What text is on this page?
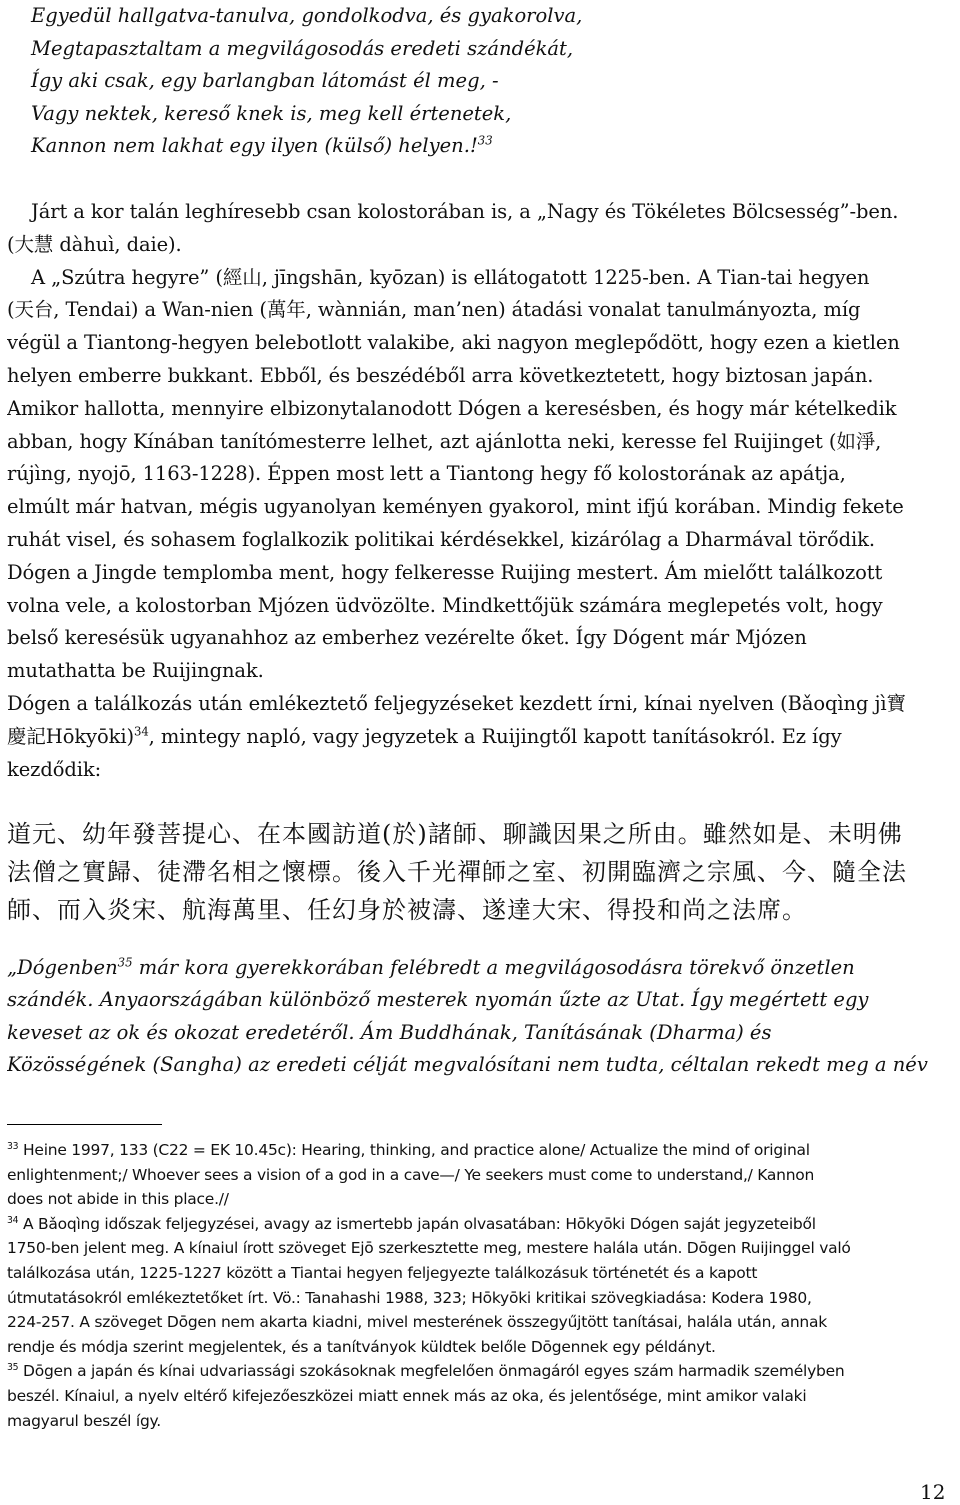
Egyedül hallgatva-tanulva, gondolkodva, és gyakorolva,
Megtapasztaltam a megvilágosodás eredeti szándékát,
Így aki csak, egy barlangban látomást él meg, -
Vagy nektek, kereső knek is, meg kell értenetek,
Kannon nem lakhat egy ilyen (külső) helyen.!$^{33}$
Járt a kor talán leghíresebb csan kolostorában is, a „Nagy és Tökéletes Bölcsesség”-ben.
(大慧 dàhuì, daie).
A „Szútra hegyre” (經山, jīngshān, kyōzan) is ellátogatott 1225-ben. A Tian-tai hegyen
(天台, Tendai) a Wan-nien (萬年, wànnián, man’nen) átadási vonalat tanulmányozta, míg
végül a Tiantong-hegyen belebotlott valakibe, aki nagyon meglepődött, hogy ezen a kietlen
helyen emberre bukkant. Ebből, és beszédéből arra következtetett, hogy biztosan japán.
Amikor hallotta, mennyire elbizonytalanodott Dógen a keresésben, és hogy már kételkedik
abban, hogy Kínában tanítómesterre lelhet, azt ajánlotta neki, keresse fel Ruijinget (如淨,
rújìng, nyojō, 1163-1228). Éppen most lett a Tiantong hegy fő kolostorának az apátja,
elmúlt már hatvan, mégis ugyanolyan keményen gyakorol, mint ifjú korában. Mindig fekete
ruhát visel, és sohasem foglalkozik politikai kérdésekkel, kizárólag a Dharmával törődik.
Dógen a Jingde templomba ment, hogy felkeresse Ruijing mestert. Ám mielőtt találkozott
volna vele, a kolostorban Mjózen üdvözölte. Mindkettőjük számára meglepetés volt, hogy
belső keresésük ugyanahhoz az emberhez vezérelte őket. Így Dógent már Mjózen
mutathatta be Ruijingnak.
Dógen a találkozás után emlékeztető feljegyzéseket kezdett írni, kínai nyelven (Bǎoqìng jì寶
慶記Hōkyōki)$^{34}$, mintegy napló, vagy jegyzetek a Ruijingtől kapott tanításokról. Ez így
kezdődik:
道元、幼年發菩提心、在本國訪道(於)諸師、聊識因果之所由。雖然如是、未明佛
法僧之實歸、徒滯名相之懷標。後入千光禪師之室、初開臨濟之宗風、今、隨全法
師、而入炎宋、航海萬里、任幻身於被濤、遂達大宋、得投和尚之法席。
„Dógenben$^{35}$ már kora gyerekkorában felébredt a megvilágosodásra törekvő önzetlen
szándék. Anyaországában különböző mesterek nyomán űzte az Utat. Így megértett egy
keveset az ok és okozat eredetéről. Ám Buddhának, Tanításának (Dharma) és
Közösségének (Sangha) az eredeti célját megvalósítani nem tudta, céltalan rekedt meg a név
$^{33}$ Heine 1997, 133 (C22 = EK 10.45c): Hearing, thinking, and practice alone/ Actualize the mind of original
enlightenment;/ Whoever sees a vision of a god in a cave—/ Ye seekers must come to understand,/ Kannon
does not abide in this place.//
$^{34}$ A Bǎoqìng időszak feljegyzései, avagy az ismertebb japán olvasatában: Hōkyōki Dógen saját jegyzeteiből
1750-ben jelent meg. A kínaiul írott szöveget Ejō szerkesztette meg, mestere halála után. Dōgen Ruijinggel való
találkozása után, 1225-1227 között a Tiantai hegyen feljegyezte találkozásuk történetét és a kapott
útmutatásokról emlékeztetőket írt. Vö.: Tanahashi 1988, 323; Hōkyōki kritikai szövegkiadása: Kodera 1980,
224-257. A szöveget Dōgen nem akarta kiadni, mivel mesterének összegyűjtött tanításai, halála után, annak
rendje és módja szerint megjelentek, és a tanítványok küldtek belőle Dōgennek egy példányt.
$^{35}$ Dōgen a japán és kínai udvariassági szokásoknak megfelelően önmagáról egyes szám harmadik személyben
beszél. Kínaiul, a nyelv eltérő kifejezőeszközei miatt ennek más az oka, és jelentősége, mint amikor valaki
magyarul beszél így.
12
